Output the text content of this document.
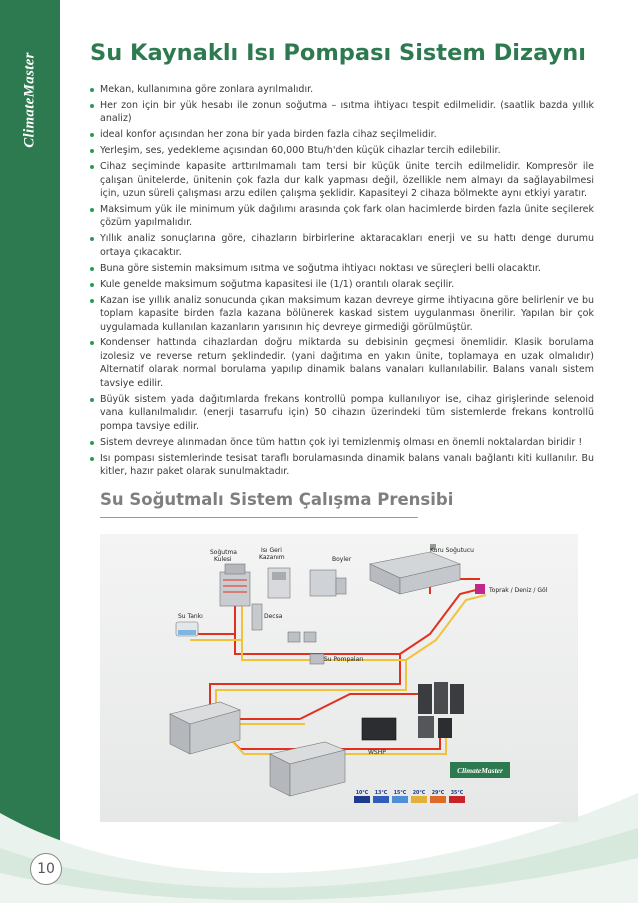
ClimateMaster Su Kaynaklı Isı Pompası Sistem Dizaynı
Mekan, kullanımına göre zonlara ayrılmalıdır.
Her zon için bir yük hesabı ile zonun soğutma – ısıtma ihtiyacı tespit edilmelidir. (saatlik bazda yıllık analiz)
ideal konfor açısından her zona bir yada birden fazla cihaz seçilmelidir.
Yerleşim, ses, yedekleme açısından 60,000 Btu/h'den küçük cihazlar tercih edilebilir.
Cihaz seçiminde kapasite arttırılmamalı tam tersi bir küçük ünite tercih edilmelidir. Kompresör ile çalışan ünitelerde, ünitenin çok fazla dur kalk yapması değil, özellikle nem almayı da sağlayabilmesi için, uzun süreli çalışması arzu edilen çalışma şeklidir. Kapasiteyi 2 cihaza bölmekte aynı etkiyi yaratır.
Maksimum yük ile minimum yük dağılımı arasında çok fark olan hacimlerde birden fazla ünite seçilerek çözüm yapılmalıdır.
Yıllık analiz sonuçlarına göre, cihazların birbirlerine aktaracakları enerji ve su hattı denge durumu ortaya çıkacaktır.
Buna göre sistemin maksimum ısıtma ve soğutma ihtiyacı noktası ve süreçleri belli olacaktır.
Kule genelde maksimum soğutma kapasitesi ile (1/1) orantılı olarak seçilir.
Kazan ise yıllık analiz sonucunda çıkan maksimum kazan devreye girme ihtiyacına göre belirlenir ve bu toplam kapasite birden fazla kazana bölünerek kaskad sistem uygulanması önerilir. Yapılan bir çok uygulamada kullanılan kazanların yarısının hiç devreye girmediği görülmüştür.
Kondenser hattında cihazlardan doğru miktarda su debisinin geçmesi önemlidir. Klasik borulama izolesiz ve reverse return şeklindedir. (yani dağıtıma en yakın ünite, toplamaya en uzak olmalıdır) Alternatif olarak normal borulama yapılıp dinamik balans vanaları kullanılabilir. Balans vanalı sistem tavsiye edilir.
Büyük sistem yada dağıtımlarda frekans kontrollü pompa kullanılıyor ise, cihaz girişlerinde selenoid vana kullanılmalıdır. (enerji tasarrufu için) 50 cihazın üzerindeki tüm sistemlerde frekans kontrollü pompa tavsiye edilir.
Sistem devreye alınmadan önce tüm hattın çok iyi temizlenmiş olması en önemli noktalardan biridir !
Isı pompası sistemlerinde tesisat taraflı borulamasında dinamik balans vanalı bağlantı kiti kullanılır. Bu kitler, hazır paket olarak sunulmaktadır.
Su Soğutmalı Sistem Çalışma Prensibi
Soğutma
Kulesi
Isı Geri
Kazanım	Boyler
Kuru Soğutucu
Toprak / Deniz / Göl
Su Tankı	Decsa
Su Pompaları
WSHP
ClimateMaster
10°C 13°C 15°C 20°C 29°C 35°C
10
